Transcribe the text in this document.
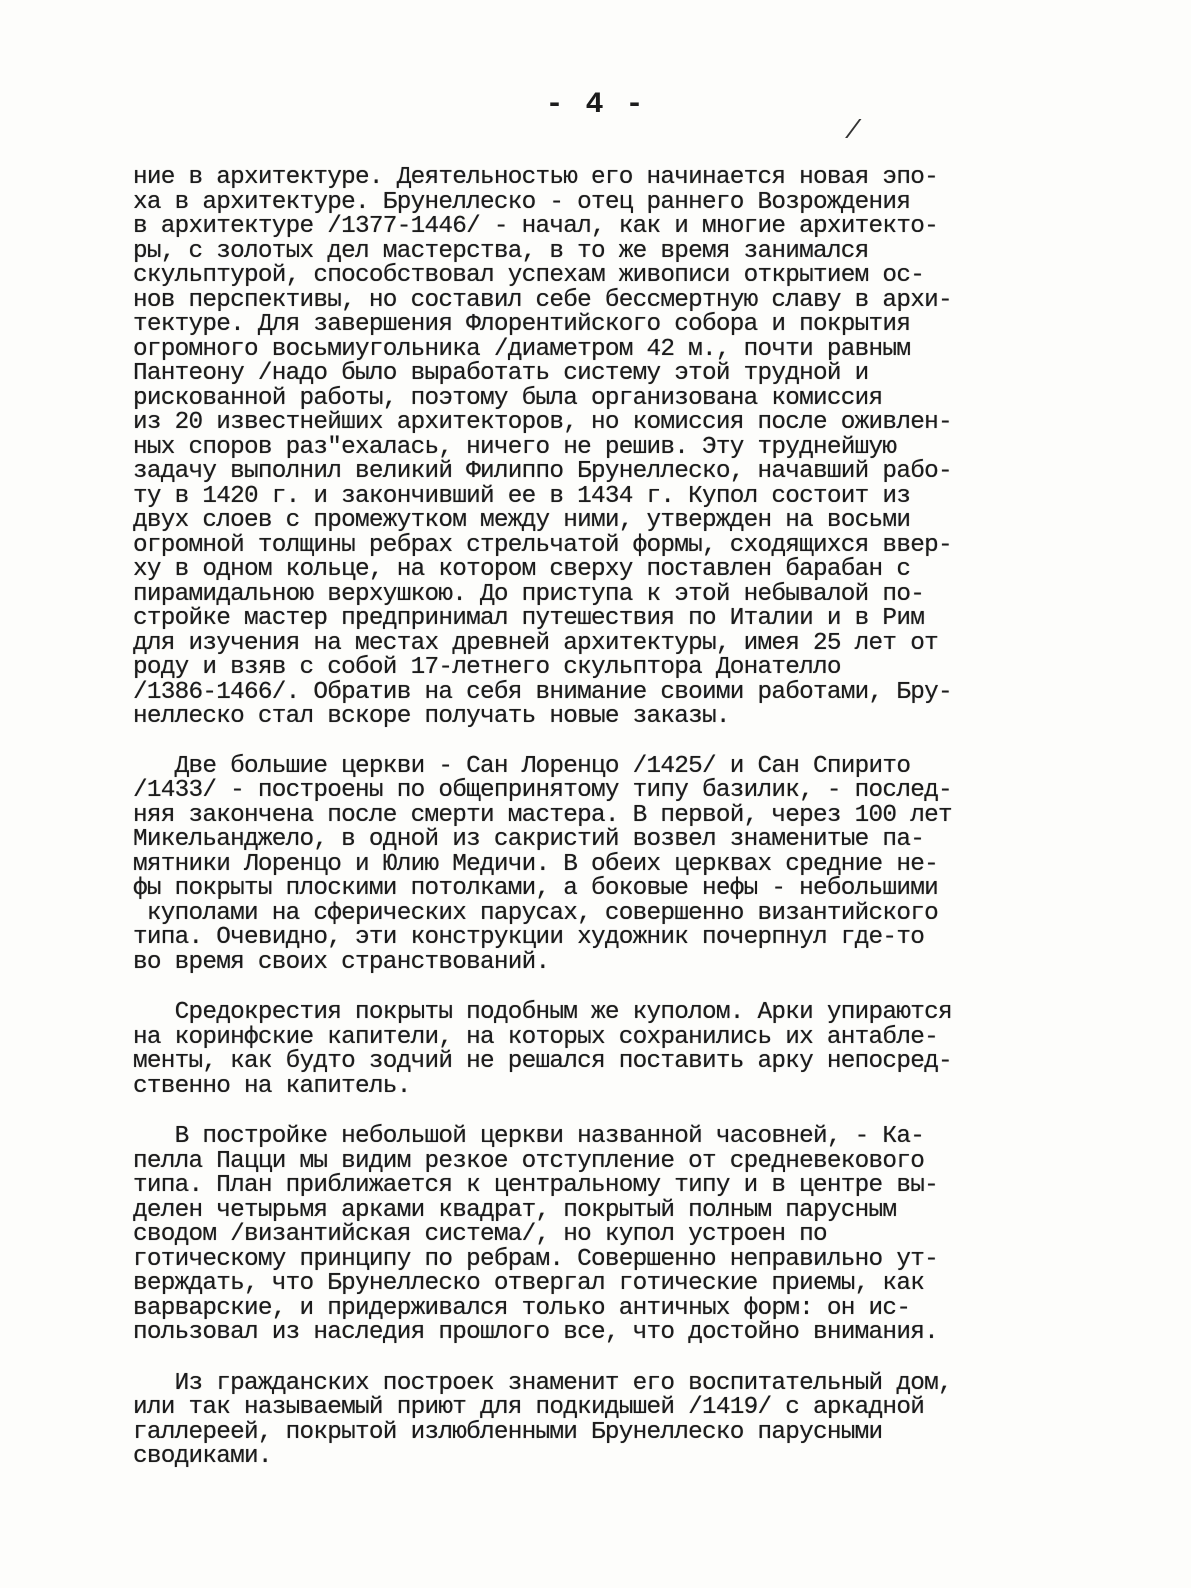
- 4 -
/
ние в архитектуре. Деятельностью его начинается новая эпо-
ха в архитектуре. Брунеллеско - отец раннего Возрождения
в архитектуре /1377-1446/ - начал, как и многие архитекто-
ры, с золотых дел мастерства, в то же время занимался
скульптурой, способствовал успехам живописи открытием ос-
нов перспективы, но составил себе бессмертную славу в архи-
тектуре. Для завершения Флорентийского собора и покрытия
огромного восьмиугольника /диаметром 42 м., почти равным
Пантеону /надо было выработать систему этой трудной и
рискованной работы, поэтому была организована комиссия
из 20 известнейших архитекторов, но комиссия после оживлен-
ных споров раз"ехалась, ничего не решив. Эту труднейшую
задачу выполнил великий Филиппо Брунеллеско, начавший рабо-
ту в 1420 г. и закончивший ее в 1434 г. Купол состоит из
двух слоев с промежутком между ними, утвержден на восьми
огромной толщины ребрах стрельчатой формы, сходящихся ввер-
ху в одном кольце, на котором сверху поставлен барабан с
пирамидальною верхушкою. До приступа к этой небывалой по-
стройке мастер предпринимал путешествия по Италии и в Рим
для изучения на местах древней архитектуры, имея 25 лет от
роду и взяв с собой 17-летнего скульптора Донателло
/1386-1466/. Обратив на себя внимание своими работами, Бру-
неллеско стал вскоре получать новые заказы.
Две большие церкви - Сан Лоренцо /1425/ и Сан Спирито
/1433/ - построены по общепринятому типу базилик, - послед-
няя закончена после смерти мастера. В первой, через 100 лет
Микельанджело, в одной из сакристий возвел знаменитые па-
мятники Лоренцо и Юлию Медичи. В обеих церквах средние не-
фы покрыты плоскими потолками, а боковые нефы - небольшими
куполами на сферических парусах, совершенно византийского
типа. Очевидно, эти конструкции художник почерпнул где-то
во время своих странствований.
Средокрестия покрыты подобным же куполом. Арки упираются
на коринфские капители, на которых сохранились их антабле-
менты, как будто зодчий не решался поставить арку непосред-
ственно на капитель.
В постройке небольшой церкви названной часовней, - Ка-
пелла Пацци мы видим резкое отступление от средневекового
типа. План приближается к центральному типу и в центре вы-
делен четырьмя арками квадрат, покрытый полным парусным
сводом /византийская система/, но купол устроен по
готическому принципу по ребрам. Совершенно неправильно ут-
верждать, что Брунеллеско отвергал готические приемы, как
варварские, и придерживался только античных форм: он ис-
пользовал из наследия прошлого все, что достойно внимания.
Из гражданских построек знаменит его воспитательный дом,
или так называемый приют для подкидышей /1419/ с аркадной
галлереей, покрытой излюбленными Брунеллеско парусными
сводиками.
